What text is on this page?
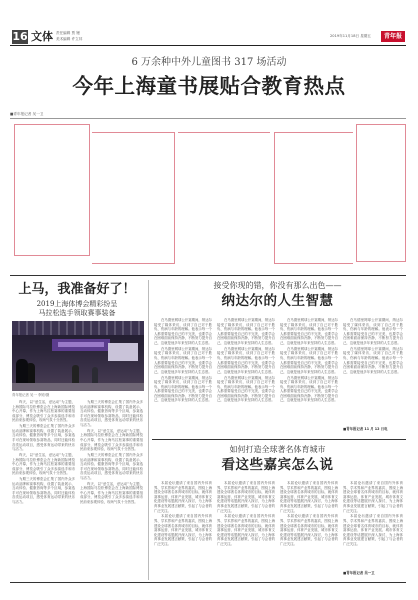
16 文体 责任编辑 贾 嫚
美术编辑 许立邦
2019年11月18日 星期五	青年报
6 万余种中外儿童图书 317 场活动
今年上海童书展贴合教育热点
■青年报记者 吴一卫
上马，我准备好了！
2019上海体博会精彩纷呈
马拉松选手领取赛事装备
青年报记者 吴一 李婷/摄

昨天，以“爱生活，爱运动”为主题，上海国际马拉松博览会在上海新国际博览中心开幕，作为上海马拉松赛事的重要组成部分，博览会吸引了众多参赛选手和市民前来参观体验，现场气氛十分热烈。

为期三天的博览会汇集了国内外众多运动品牌和赛事机构，设置了装备展示、互动体验、健康咨询等多个区域，参赛选手可在现场领取参赛物品，同时还能体验各类运动项目，感受体育运动带来的快乐与活力。

昨天，以“爱生活，爱运动”为主题，上海国际马拉松博览会在上海新国际博览中心开幕，作为上海马拉松赛事的重要组成部分，博览会吸引了众多参赛选手和市民前来参观体验，现场气氛十分热烈。

为期三天的博览会汇集了国内外众多运动品牌和赛事机构，设置了装备展示、互动体验、健康咨询等多个区域，参赛选手可在现场领取参赛物品，同时还能体验各类运动项目，感受体育运动带来的快乐与活力。

为期三天的博览会汇集了国内外众多运动品牌和赛事机构，设置了装备展示、互动体验、健康咨询等多个区域，参赛选手可在现场领取参赛物品，同时还能体验各类运动项目，感受体育运动带来的快乐与活力。

昨天，以“爱生活，爱运动”为主题，上海国际马拉松博览会在上海新国际博览中心开幕，作为上海马拉松赛事的重要组成部分，博览会吸引了众多参赛选手和市民前来参观体验，现场气氛十分热烈。

为期三天的博览会汇集了国内外众多运动品牌和赛事机构，设置了装备展示、互动体验、健康咨询等多个区域，参赛选手可在现场领取参赛物品，同时还能体验各类运动项目，感受体育运动带来的快乐与活力。

昨天，以“爱生活，爱运动”为主题，上海国际马拉松博览会在上海新国际博览中心开幕，作为上海马拉松赛事的重要组成部分，博览会吸引了众多参赛选手和市民前来参观体验，现场气氛十分热烈。

接受你现的错，你没有那么出色——
纳达尔的人生智慧

在马德里网球公开赛期间，纳达尔接受了媒体采访，谈到了自己对于胜负、伤病与年龄的理解。他表示每一个人都需要接受自己的不完美，也要学会在困难面前保持冷静，不断努力提升自己，这就是他多年来坚持的人生态度。

在马德里网球公开赛期间，纳达尔接受了媒体采访，谈到了自己对于胜负、伤病与年龄的理解。他表示每一个人都需要接受自己的不完美，也要学会在困难面前保持冷静，不断努力提升自己，这就是他多年来坚持的人生态度。

在马德里网球公开赛期间，纳达尔接受了媒体采访，谈到了自己对于胜负、伤病与年龄的理解。他表示每一个人都需要接受自己的不完美，也要学会在困难面前保持冷静，不断努力提升自己，这就是他多年来坚持的人生态度。

在马德里网球公开赛期间，纳达尔接受了媒体采访，谈到了自己对于胜负、伤病与年龄的理解。他表示每一个人都需要接受自己的不完美，也要学会在困难面前保持冷静，不断努力提升自己，这就是他多年来坚持的人生态度。

在马德里网球公开赛期间，纳达尔接受了媒体采访，谈到了自己对于胜负、伤病与年龄的理解。他表示每一个人都需要接受自己的不完美，也要学会在困难面前保持冷静，不断努力提升自己，这就是他多年来坚持的人生态度。

在马德里网球公开赛期间，纳达尔接受了媒体采访，谈到了自己对于胜负、伤病与年龄的理解。他表示每一个人都需要接受自己的不完美，也要学会在困难面前保持冷静，不断努力提升自己，这就是他多年来坚持的人生态度。

在马德里网球公开赛期间，纳达尔接受了媒体采访，谈到了自己对于胜负、伤病与年龄的理解。他表示每一个人都需要接受自己的不完美，也要学会在困难面前保持冷静，不断努力提升自己，这就是他多年来坚持的人生态度。

在马德里网球公开赛期间，纳达尔接受了媒体采访，谈到了自己对于胜负、伤病与年龄的理解。他表示每一个人都需要接受自己的不完美，也要学会在困难面前保持冷静，不断努力提升自己，这就是他多年来坚持的人生态度。

在马德里网球公开赛期间，纳达尔接受了媒体采访，谈到了自己对于胜负、伤病与年龄的理解。他表示每一个人都需要接受自己的不完美，也要学会在困难面前保持冷静，不断努力提升自己，这就是他多年来坚持的人生态度。

在马德里网球公开赛期间，纳达尔接受了媒体采访，谈到了自己对于胜负、伤病与年龄的理解。他表示每一个人都需要接受自己的不完美，也要学会在困难面前保持冷静，不断努力提升自己，这就是他多年来坚持的人生态度。

在马德里网球公开赛期间，纳达尔接受了媒体采访，谈到了自己对于胜负、伤病与年龄的理解。他表示每一个人都需要接受自己的不完美，也要学会在困难面前保持冷静，不断努力提升自己，这就是他多年来坚持的人生态度。

■青年报记者 11 月 12 日电
如何打造全球著名体育城市
看这些嘉宾怎么说

本届论坛邀请了来自国内外体育界、学术界和产业界的嘉宾，围绕上海建设全球著名体育城市的目标，就体育赛事运营、体育产业发展、城市体育文化建设等话题展开深入探讨，为上海体育事业发展建言献策，引起了与会者的广泛关注。

本届论坛邀请了来自国内外体育界、学术界和产业界的嘉宾，围绕上海建设全球著名体育城市的目标，就体育赛事运营、体育产业发展、城市体育文化建设等话题展开深入探讨，为上海体育事业发展建言献策，引起了与会者的广泛关注。

本届论坛邀请了来自国内外体育界、学术界和产业界的嘉宾，围绕上海建设全球著名体育城市的目标，就体育赛事运营、体育产业发展、城市体育文化建设等话题展开深入探讨，为上海体育事业发展建言献策，引起了与会者的广泛关注。

本届论坛邀请了来自国内外体育界、学术界和产业界的嘉宾，围绕上海建设全球著名体育城市的目标，就体育赛事运营、体育产业发展、城市体育文化建设等话题展开深入探讨，为上海体育事业发展建言献策，引起了与会者的广泛关注。

本届论坛邀请了来自国内外体育界、学术界和产业界的嘉宾，围绕上海建设全球著名体育城市的目标，就体育赛事运营、体育产业发展、城市体育文化建设等话题展开深入探讨，为上海体育事业发展建言献策，引起了与会者的广泛关注。

本届论坛邀请了来自国内外体育界、学术界和产业界的嘉宾，围绕上海建设全球著名体育城市的目标，就体育赛事运营、体育产业发展、城市体育文化建设等话题展开深入探讨，为上海体育事业发展建言献策，引起了与会者的广泛关注。

本届论坛邀请了来自国内外体育界、学术界和产业界的嘉宾，围绕上海建设全球著名体育城市的目标，就体育赛事运营、体育产业发展、城市体育文化建设等话题展开深入探讨，为上海体育事业发展建言献策，引起了与会者的广泛关注。

本届论坛邀请了来自国内外体育界、学术界和产业界的嘉宾，围绕上海建设全球著名体育城市的目标，就体育赛事运营、体育产业发展、城市体育文化建设等话题展开深入探讨，为上海体育事业发展建言献策，引起了与会者的广泛关注。

■青年报记者 吴一卫
